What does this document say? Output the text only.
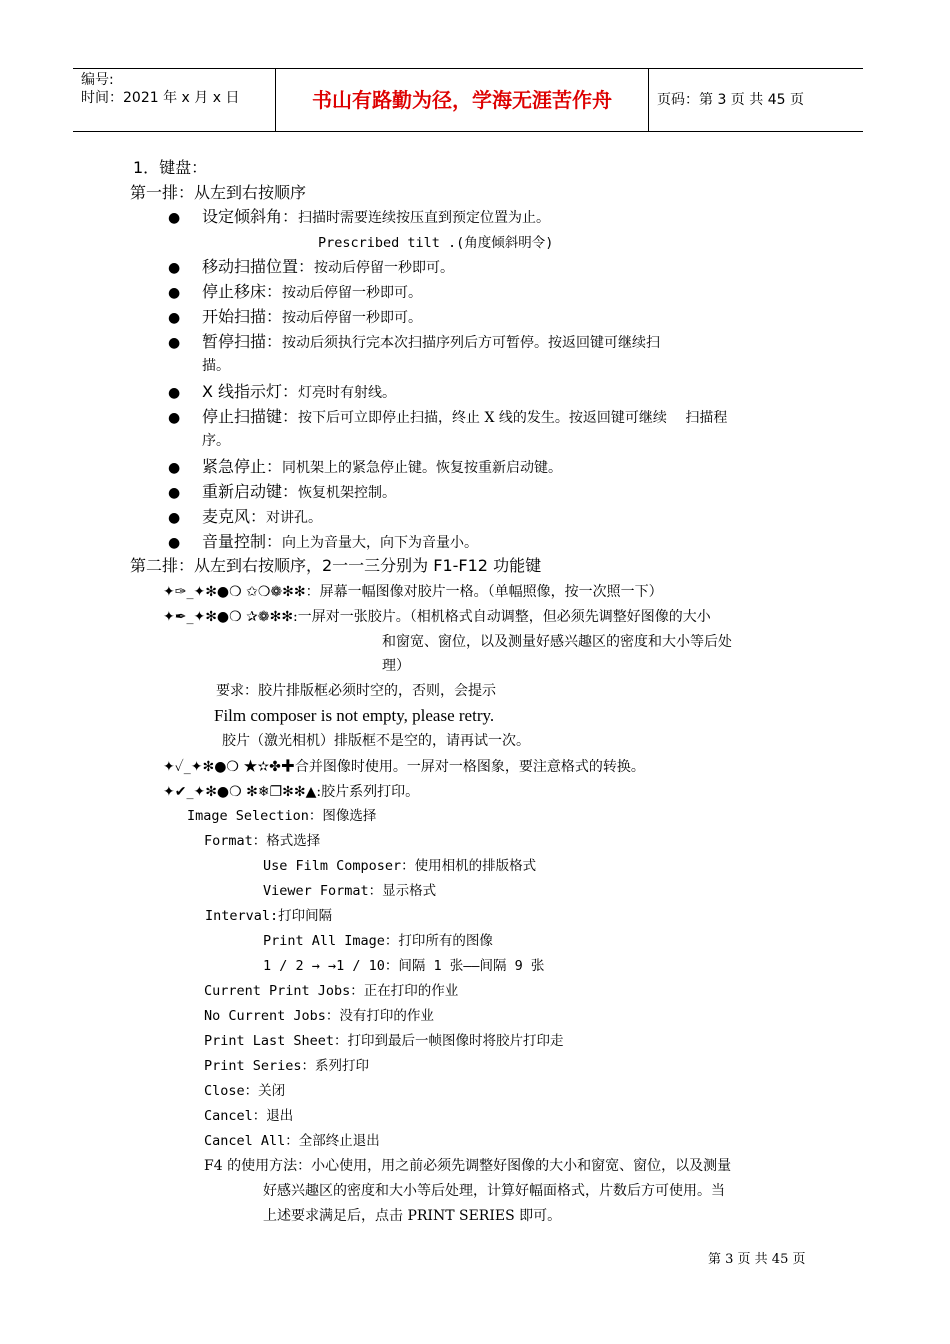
编号:
时间：2021 年 x 月 x 日	书山有路勤为径，学海无涯苦作舟	页码：第 3 页 共 45 页
1．键盘：
第一排：从左到右按顺序
● 设定倾斜角：扫描时需要连续按压直到预定位置为止。
Prescribed tilt .(角度倾斜明令)
● 移动扫描位置：按动后停留一秒即可。
● 停止移床：按动后停留一秒即可。
● 开始扫描：按动后停留一秒即可。
● 暂停扫描：按动后须执行完本次扫描序列后方可暂停。按返回键可继续扫
描。
● X 线指示灯：灯亮时有射线。
● 停止扫描键：按下后可立即停止扫描，终止 X 线的发生。按返回键可继续　 扫描程
序。
● 紧急停止：同机架上的紧急停止键。恢复按重新启动键。
● 重新启动键：恢复机架控制。
● 麦克风：对讲孔。
● 音量控制：向上为音量大，向下为音量小。
第二排：从左到右按顺序，2一一三分别为 F1-F12 功能键
✦✑_✦✻●❍ ✩❍❁✻✻：屏幕一幅图像对胶片一格。（单幅照像，按一次照一下）
✦✒_✦✻●❍ ✰❁✻✻:一屏对一张胶片。（相机格式自动调整，但必须先调整好图像的大小
和窗宽、窗位，以及测量好感兴趣区的密度和大小等后处
理）
要求：胶片排版框必须时空的，否则，会提示
Film composer is not empty, please retry.
胶片（激光相机）排版框不是空的，请再试一次。
✦✓_✦✻●❍ ★✫✤✚合并图像时使用。一屏对一格图象，要注意格式的转换。
✦✔_✦✻●❍ ✻❄❐✻✻▲:胶片系列打印。
Image Selection：图像选择
Format：格式选择
Use Film Composer：使用相机的排版格式
Viewer Format：显示格式
Interval:打印间隔
Print All Image：打印所有的图像
1 / 2 → →1 / 10：间隔 1 张——间隔 9 张
Current Print Jobs：正在打印的作业
No Current Jobs：没有打印的作业
Print Last Sheet：打印到最后一帧图像时将胶片打印走
Print Series：系列打印
Close：关闭
Cancel：退出
Cancel All：全部终止退出
F4 的使用方法：小心使用，用之前必须先调整好图像的大小和窗宽、窗位，以及测量
好感兴趣区的密度和大小等后处理，计算好幅面格式，片数后方可使用。当
上述要求满足后，点击 PRINT SERIES 即可。
第 3 页 共 45 页
